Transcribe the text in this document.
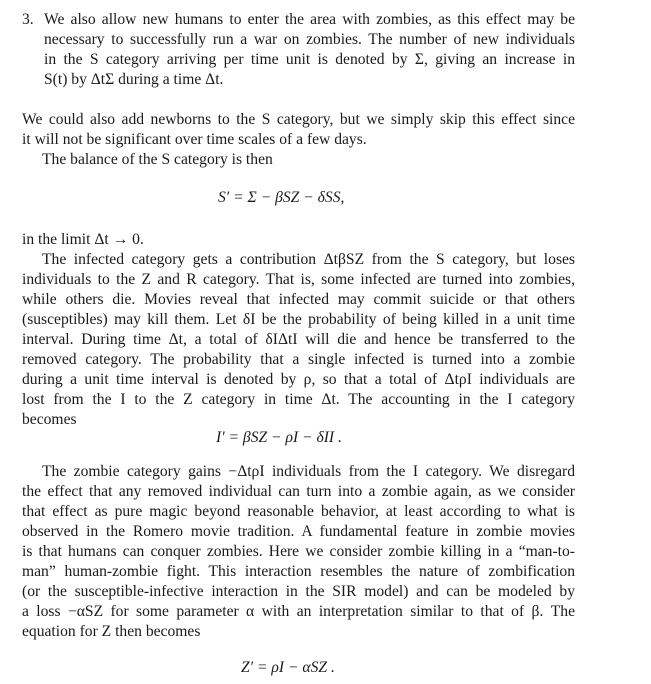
3. We also allow new humans to enter the area with zombies, as this effect may be
necessary to successfully run a war on zombies. The number of new individuals
in the S category arriving per time unit is denoted by Σ, giving an increase in
S(t) by ΔtΣ during a time Δt.
We could also add newborns to the S category, but we simply skip this effect since
it will not be significant over time scales of a few days.
The balance of the S category is then
S′ = Σ − βSZ − δSS,
in the limit Δt → 0.
The infected category gets a contribution ΔtβSZ from the S category, but loses
individuals to the Z and R category. That is, some infected are turned into zombies,
while others die. Movies reveal that infected may commit suicide or that others
(susceptibles) may kill them. Let δI be the probability of being killed in a unit time
interval. During time Δt, a total of δIΔtI will die and hence be transferred to the
removed category. The probability that a single infected is turned into a zombie
during a unit time interval is denoted by ρ, so that a total of ΔtρI individuals are
lost from the I to the Z category in time Δt. The accounting in the I category
becomes
I′ = βSZ − ρI − δII .
The zombie category gains −ΔtρI individuals from the I category. We disregard
the effect that any removed individual can turn into a zombie again, as we consider
that effect as pure magic beyond reasonable behavior, at least according to what is
observed in the Romero movie tradition. A fundamental feature in zombie movies
is that humans can conquer zombies. Here we consider zombie killing in a “man-to-
man” human-zombie fight. This interaction resembles the nature of zombification
(or the susceptible-infective interaction in the SIR model) and can be modeled by
a loss −αSZ for some parameter α with an interpretation similar to that of β. The
equation for Z then becomes
Z′ = ρI − αSZ .
